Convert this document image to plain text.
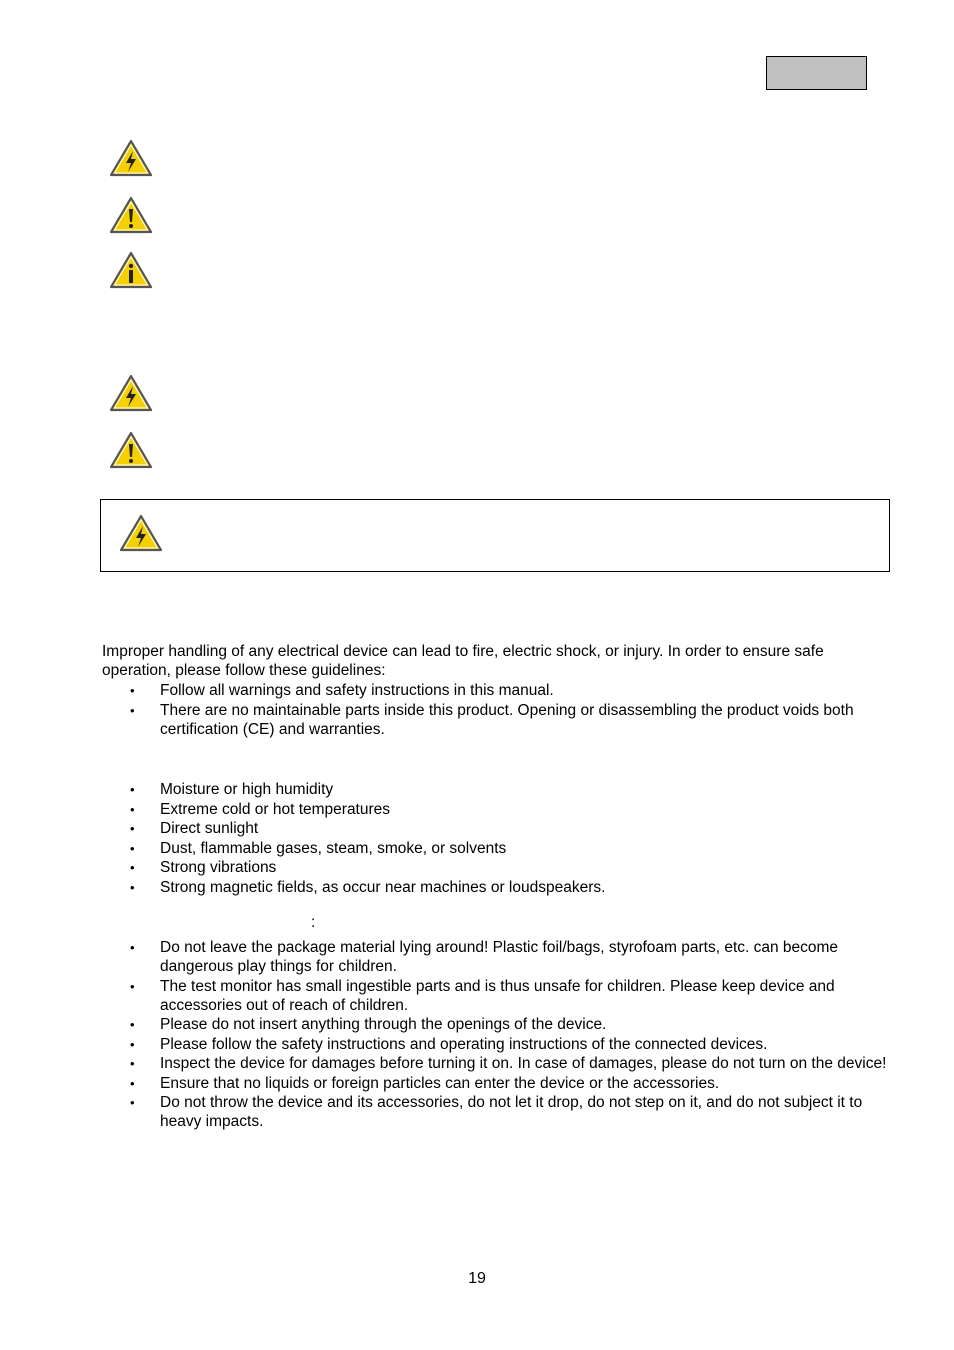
Improper handling of any electrical device can lead to fire, electric shock, or injury. In order to ensure safe operation, please follow these guidelines:

• Follow all warnings and safety instructions in this manual.
• There are no maintainable parts inside this product. Opening or disassembling the product voids both certification (CE) and warranties.
• Moisture or high humidity
• Extreme cold or hot temperatures
• Direct sunlight
• Dust, flammable gases, steam, smoke, or solvents
• Strong vibrations
• Strong magnetic fields, as occur near machines or loudspeakers.
:
• Do not leave the package material lying around! Plastic foil/bags, styrofoam parts, etc. can become dangerous play things for children.
• The test monitor has small ingestible parts and is thus unsafe for children. Please keep device and accessories out of reach of children.
• Please do not insert anything through the openings of the device.
• Please follow the safety instructions and operating instructions of the connected devices.
• Inspect the device for damages before turning it on. In case of damages, please do not turn on the device!
• Ensure that no liquids or foreign particles can enter the device or the accessories.
• Do not throw the device and its accessories, do not let it drop, do not step on it, and do not subject it to heavy impacts.
19
